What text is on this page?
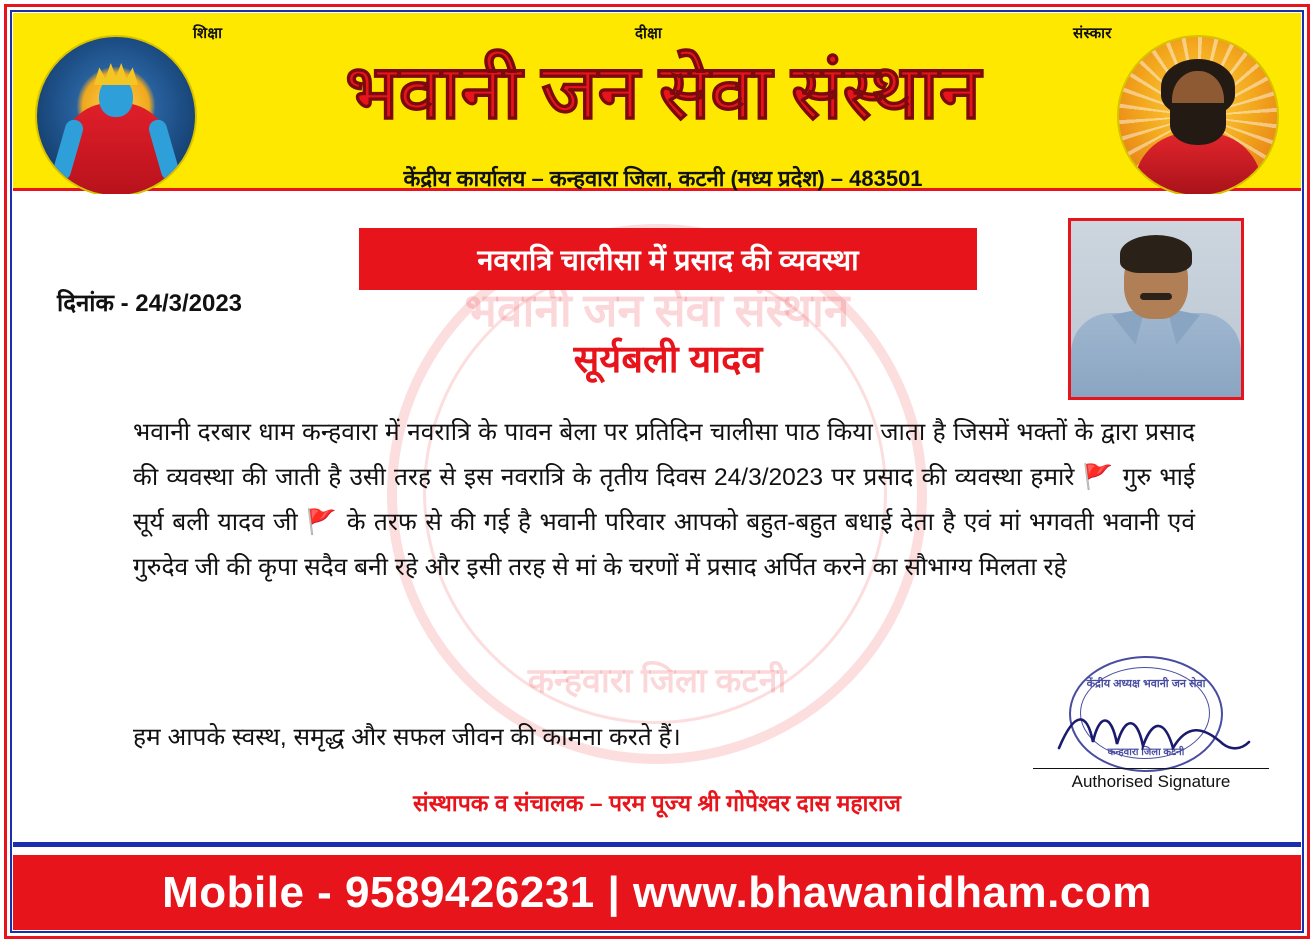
शिक्षा	दीक्षा	संस्कार
भवानी जन सेवा संस्थान
केंद्रीय कार्यालय – कन्हवारा जिला, कटनी (मध्य प्रदेश) – 483501
भवानी जन सेवा संस्थान
कन्हवारा जिला कटनी
नवरात्रि चालीसा में प्रसाद की व्यवस्था
दिनांक - 24/3/2023
सूर्यबली यादव
भवानी दरबार धाम कन्हवारा में नवरात्रि के पावन बेला पर प्रतिदिन चालीसा पाठ किया जाता है जिसमें भक्तों के द्वारा प्रसाद की व्यवस्था की जाती है उसी तरह से इस नवरात्रि के तृतीय दिवस 24/3/2023 पर प्रसाद की व्यवस्था हमारे 🚩 गुरु भाई सूर्य बली यादव जी 🚩 के तरफ से की गई है भवानी परिवार आपको बहुत-बहुत बधाई देता है एवं मां भगवती भवानी एवं गुरुदेव जी की कृपा सदैव बनी रहे और इसी तरह से मां के चरणों में प्रसाद अर्पित करने का सौभाग्य मिलता रहे
हम आपके स्वस्थ, समृद्ध और सफल जीवन की कामना करते हैं।
केंद्रीय अध्यक्ष भवानी जन सेवा
कन्हवारा जिला कटनी
Authorised Signature
संस्थापक व संचालक – परम पूज्य श्री गोपेश्वर दास महाराज
Mobile - 9589426231 | www.bhawanidham.com
